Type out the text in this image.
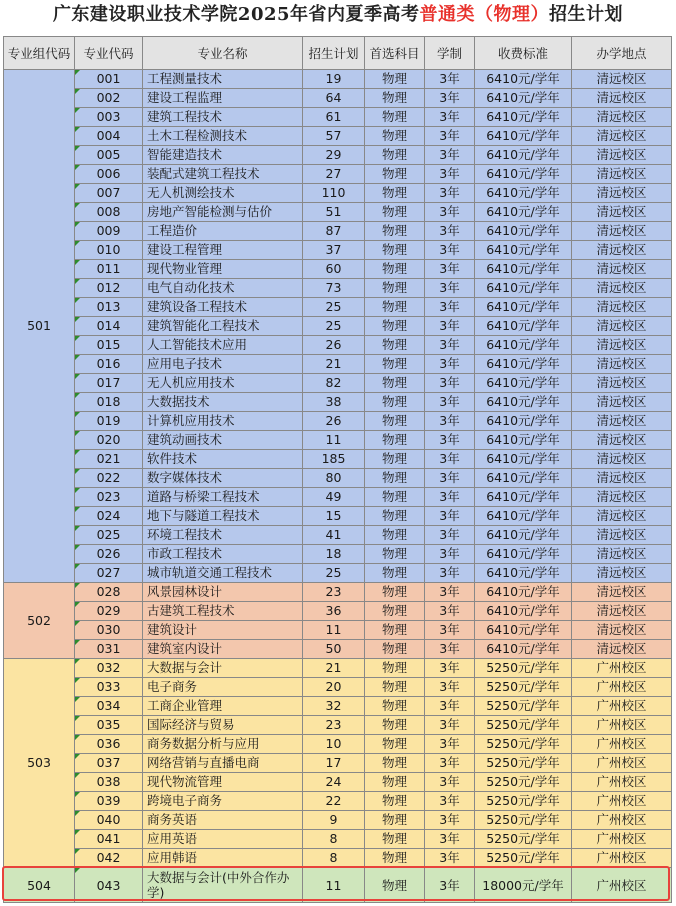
广东建设职业技术学院2025年省内夏季高考普通类（物理）招生计划
专业组代码	专业代码	专业名称	招生计划	首选科目	学制	收费标准	办学地点
501	001	工程测量技术	19	物理	3年	6410元/学年	清远校区
	002	建设工程监理	64	物理	3年	6410元/学年	清远校区
	003	建筑工程技术	61	物理	3年	6410元/学年	清远校区
	004	土木工程检测技术	57	物理	3年	6410元/学年	清远校区
	005	智能建造技术	29	物理	3年	6410元/学年	清远校区
	006	装配式建筑工程技术	27	物理	3年	6410元/学年	清远校区
	007	无人机测绘技术	110	物理	3年	6410元/学年	清远校区
	008	房地产智能检测与估价	51	物理	3年	6410元/学年	清远校区
	009	工程造价	87	物理	3年	6410元/学年	清远校区
	010	建设工程管理	37	物理	3年	6410元/学年	清远校区
	011	现代物业管理	60	物理	3年	6410元/学年	清远校区
	012	电气自动化技术	73	物理	3年	6410元/学年	清远校区
	013	建筑设备工程技术	25	物理	3年	6410元/学年	清远校区
	014	建筑智能化工程技术	25	物理	3年	6410元/学年	清远校区
	015	人工智能技术应用	26	物理	3年	6410元/学年	清远校区
	016	应用电子技术	21	物理	3年	6410元/学年	清远校区
	017	无人机应用技术	82	物理	3年	6410元/学年	清远校区
	018	大数据技术	38	物理	3年	6410元/学年	清远校区
	019	计算机应用技术	26	物理	3年	6410元/学年	清远校区
	020	建筑动画技术	11	物理	3年	6410元/学年	清远校区
	021	软件技术	185	物理	3年	6410元/学年	清远校区
	022	数字媒体技术	80	物理	3年	6410元/学年	清远校区
	023	道路与桥梁工程技术	49	物理	3年	6410元/学年	清远校区
	024	地下与隧道工程技术	15	物理	3年	6410元/学年	清远校区
	025	环境工程技术	41	物理	3年	6410元/学年	清远校区
	026	市政工程技术	18	物理	3年	6410元/学年	清远校区
	027	城市轨道交通工程技术	25	物理	3年	6410元/学年	清远校区
502	028	风景园林设计	23	物理	3年	6410元/学年	清远校区
	029	古建筑工程技术	36	物理	3年	6410元/学年	清远校区
	030	建筑设计	11	物理	3年	6410元/学年	清远校区
	031	建筑室内设计	50	物理	3年	6410元/学年	清远校区
503	032	大数据与会计	21	物理	3年	5250元/学年	广州校区
	033	电子商务	20	物理	3年	5250元/学年	广州校区
	034	工商企业管理	32	物理	3年	5250元/学年	广州校区
	035	国际经济与贸易	23	物理	3年	5250元/学年	广州校区
	036	商务数据分析与应用	10	物理	3年	5250元/学年	广州校区
	037	网络营销与直播电商	17	物理	3年	5250元/学年	广州校区
	038	现代物流管理	24	物理	3年	5250元/学年	广州校区
	039	跨境电子商务	22	物理	3年	5250元/学年	广州校区
	040	商务英语	9	物理	3年	5250元/学年	广州校区
	041	应用英语	8	物理	3年	5250元/学年	广州校区
	042	应用韩语	8	物理	3年	5250元/学年	广州校区
504	043	大数据与会计(中外合作办学)	11	物理	3年	18000元/学年	广州校区
